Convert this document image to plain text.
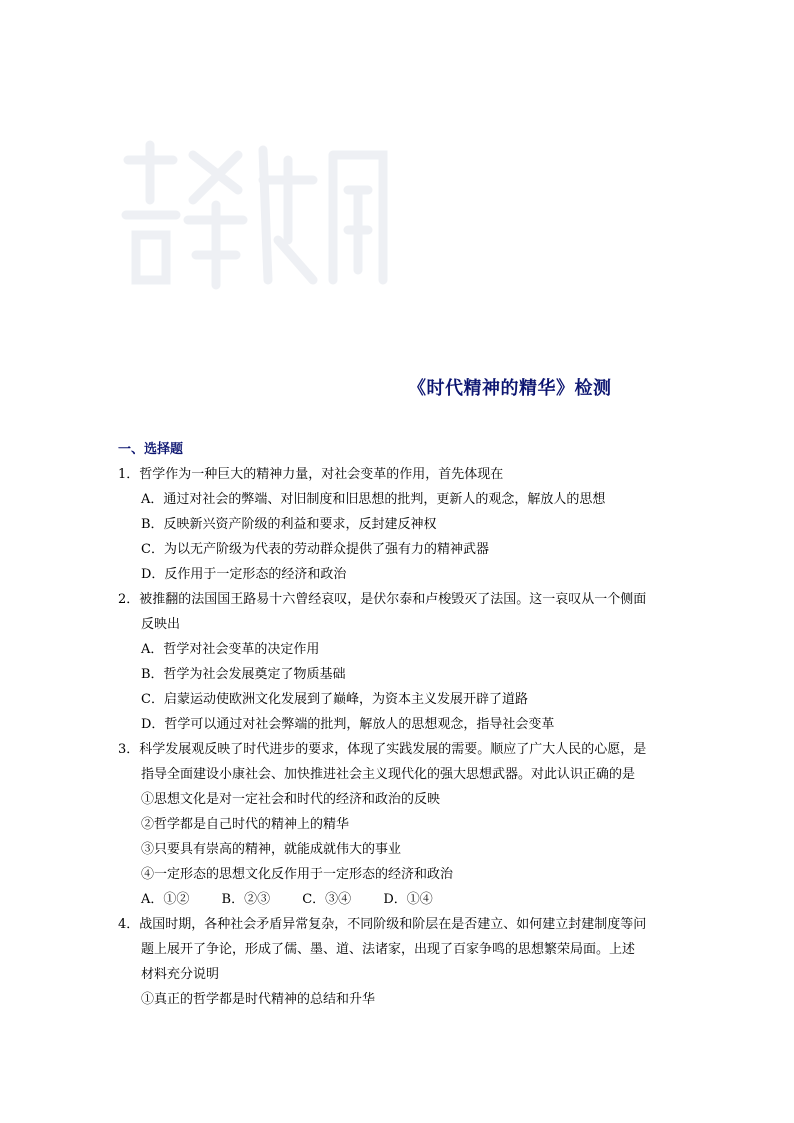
《时代精神的精华》检测
一、选择题
1．哲学作为一种巨大的精神力量，对社会变革的作用，首先体现在
A．通过对社会的弊端、对旧制度和旧思想的批判，更新人的观念，解放人的思想
B．反映新兴资产阶级的利益和要求，反封建反神权
C．为以无产阶级为代表的劳动群众提供了强有力的精神武器
D．反作用于一定形态的经济和政治
2．被推翻的法国国王路易十六曾经哀叹，是伏尔泰和卢梭毁灭了法国。这一哀叹从一个侧面
反映出
A．哲学对社会变革的决定作用
B．哲学为社会发展奠定了物质基础
C．启蒙运动使欧洲文化发展到了巅峰，为资本主义发展开辟了道路
D．哲学可以通过对社会弊端的批判，解放人的思想观念，指导社会变革
3．科学发展观反映了时代进步的要求，体现了实践发展的需要。顺应了广大人民的心愿，是
指导全面建设小康社会、加快推进社会主义现代化的强大思想武器。对此认识正确的是
①思想文化是对一定社会和时代的经济和政治的反映
②哲学都是自己时代的精神上的精华
③只要具有崇高的精神，就能成就伟大的事业
④一定形态的思想文化反作用于一定形态的经济和政治
A．①② B．②③ C．③④ D．①④
4．战国时期，各种社会矛盾异常复杂，不同阶级和阶层在是否建立、如何建立封建制度等问
题上展开了争论，形成了儒、墨、道、法诸家，出现了百家争鸣的思想繁荣局面。上述
材料充分说明
①真正的哲学都是时代精神的总结和升华
